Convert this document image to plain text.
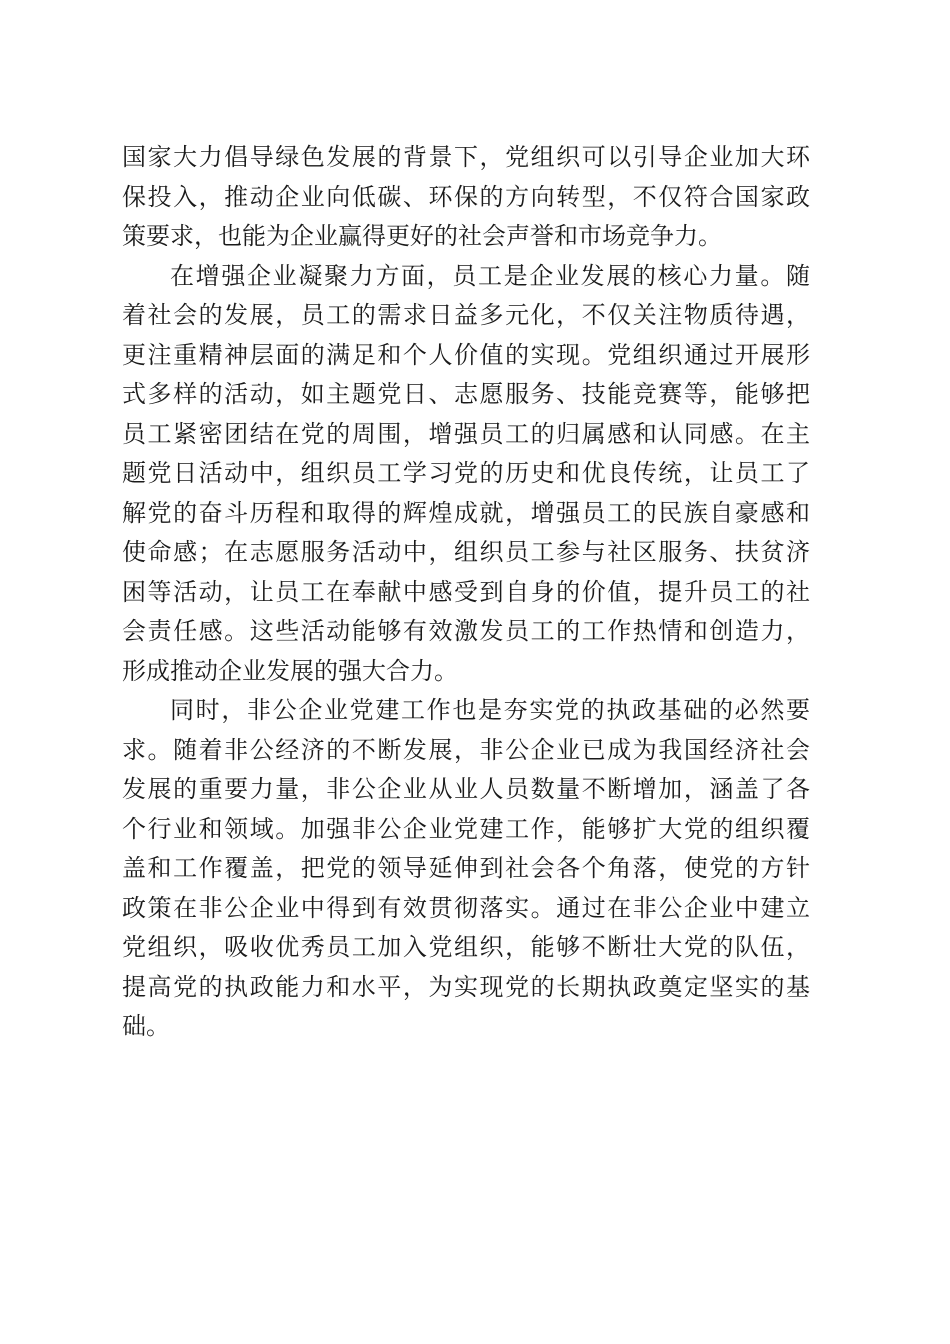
国家大力倡导绿色发展的背景下，党组织可以引导企业加大环
保投入，推动企业向低碳、环保的方向转型，不仅符合国家政
策要求，也能为企业赢得更好的社会声誉和市场竞争力。
在增强企业凝聚力方面，员工是企业发展的核心力量。随
着社会的发展，员工的需求日益多元化，不仅关注物质待遇，
更注重精神层面的满足和个人价值的实现。党组织通过开展形
式多样的活动，如主题党日、志愿服务、技能竞赛等，能够把
员工紧密团结在党的周围，增强员工的归属感和认同感。在主
题党日活动中，组织员工学习党的历史和优良传统，让员工了
解党的奋斗历程和取得的辉煌成就，增强员工的民族自豪感和
使命感；在志愿服务活动中，组织员工参与社区服务、扶贫济
困等活动，让员工在奉献中感受到自身的价值，提升员工的社
会责任感。这些活动能够有效激发员工的工作热情和创造力，
形成推动企业发展的强大合力。
同时，非公企业党建工作也是夯实党的执政基础的必然要
求。随着非公经济的不断发展，非公企业已成为我国经济社会
发展的重要力量，非公企业从业人员数量不断增加，涵盖了各
个行业和领域。加强非公企业党建工作，能够扩大党的组织覆
盖和工作覆盖，把党的领导延伸到社会各个角落，使党的方针
政策在非公企业中得到有效贯彻落实。通过在非公企业中建立
党组织，吸收优秀员工加入党组织，能够不断壮大党的队伍，
提高党的执政能力和水平，为实现党的长期执政奠定坚实的基
础。
